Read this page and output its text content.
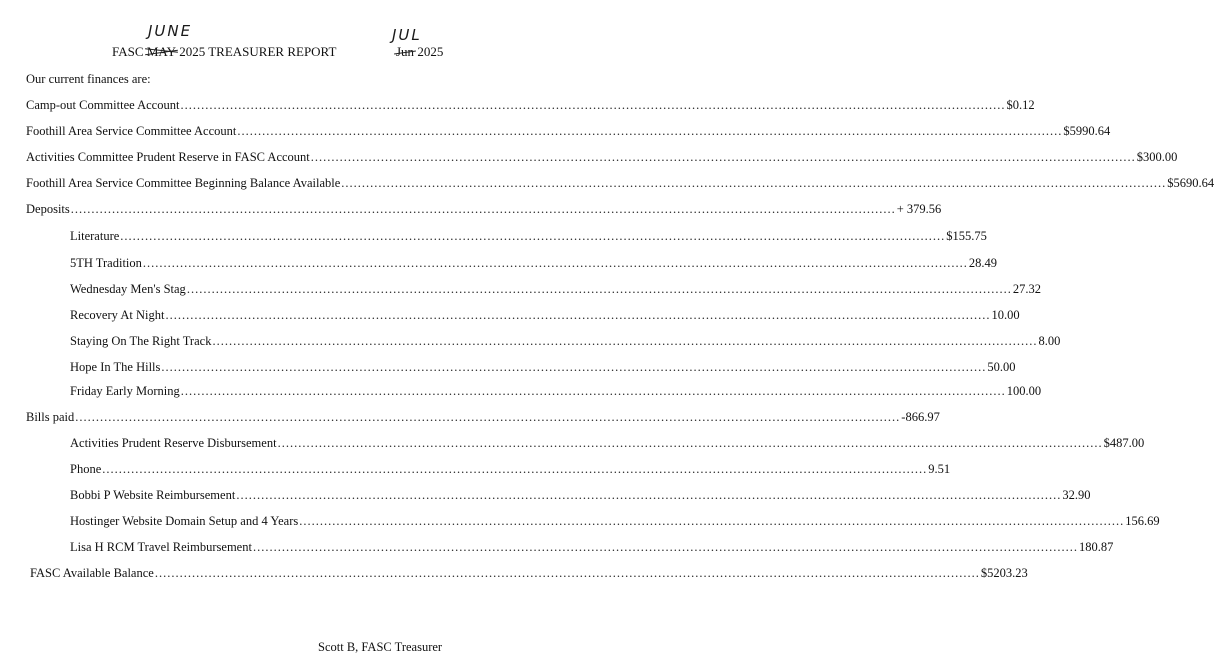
JUNE
FASC MAY 2025 TREASURER REPORT
JUL
Jun 2025
Our current finances are:
Camp-out Committee Account ........................................................................................................................................................................................................ $0.12
Foothill Area Service Committee Account ........................................................................................................................................................................................................ $5990.64
Activities Committee Prudent Reserve in FASC Account ........................................................................................................................................................................................................ $300.00
Foothill Area Service Committee Beginning Balance Available ........................................................................................................................................................................................................ $5690.64
Deposits ........................................................................................................................................................................................................ + 379.56
Literature ........................................................................................................................................................................................................ $155.75
5TH Tradition ........................................................................................................................................................................................................ 28.49
Wednesday Men's Stag ........................................................................................................................................................................................................ 27.32
Recovery At Night ........................................................................................................................................................................................................ 10.00
Staying On The Right Track ........................................................................................................................................................................................................ 8.00
Hope In The Hills ........................................................................................................................................................................................................ 50.00
Friday Early Morning ........................................................................................................................................................................................................ 100.00
Bills paid ........................................................................................................................................................................................................ -866.97
Activities Prudent Reserve Disbursement ........................................................................................................................................................................................................ $487.00
Phone ........................................................................................................................................................................................................ 9.51
Bobbi P Website Reimbursement ........................................................................................................................................................................................................ 32.90
Hostinger Website Domain Setup and 4 Years ........................................................................................................................................................................................................ 156.69
Lisa H RCM Travel Reimbursement ........................................................................................................................................................................................................ 180.87
FASC Available Balance ........................................................................................................................................................................................................ $5203.23
Scott B, FASC Treasurer
